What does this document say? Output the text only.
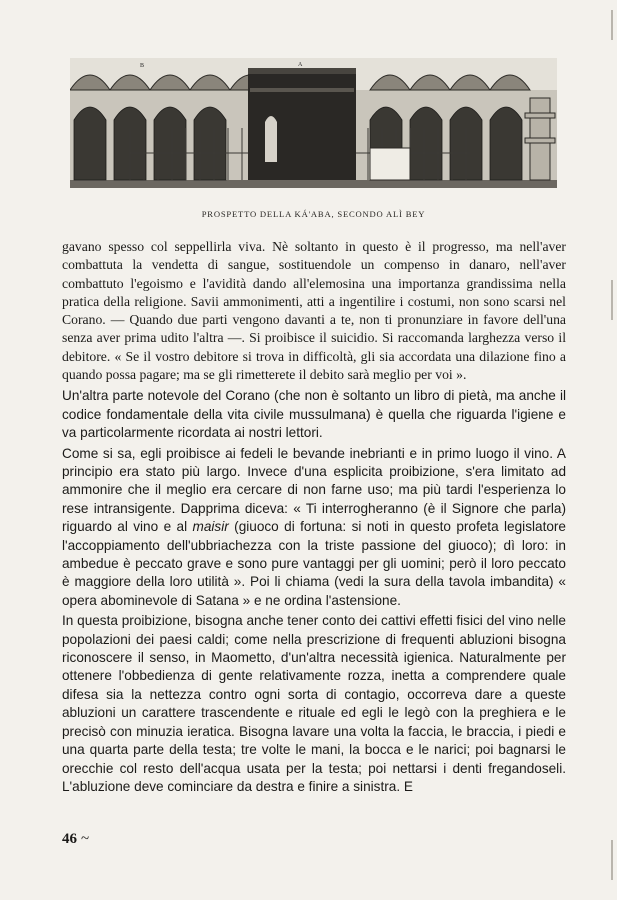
B	A
PROSPETTO DELLA KÁ'ABA, SECONDO ALÌ BEY

gavano spesso col seppellirla viva. Nè soltanto in questo è il progresso, ma nell'aver combattuta la vendetta di sangue, sostituendole un compenso in danaro, nell'aver combattuto l'egoismo e l'avidità dando all'elemosina una importanza grandissima nella pratica della religione. Savii ammonimenti, atti a ingentilire i costumi, non sono scarsi nel Corano. — Quando due parti vengono davanti a te, non ti pronunziare in favore dell'una senza aver prima udito l'altra —. Si proibisce il suicidio. Si raccomanda larghezza verso il debitore. « Se il vostro debitore si trova in difficoltà, gli sia accordata una dilazione fino a quando possa pagare; ma se gli rimetterete il debito sarà meglio per voi ».

Un'altra parte notevole del Corano (che non è soltanto un libro di pietà, ma anche il codice fondamentale della vita civile mussulmana) è quella che riguarda l'igiene e va particolarmente ricordata ai nostri lettori.

Come si sa, egli proibisce ai fedeli le bevande inebrianti e in primo luogo il vino. A principio era stato più largo. Invece d'una esplicita proibizione, s'era limitato ad ammonire che il meglio era cercare di non farne uso; ma più tardi l'esperienza lo rese intransigente. Dapprima diceva: « Ti interrogheranno (è il Signore che parla) riguardo al vino e al maisir (giuoco di fortuna: si noti in questo profeta legislatore l'accoppiamento dell'ubbriachezza con la triste passione del giuoco); dì loro: in ambedue è peccato grave e sono pure vantaggi per gli uomini; però il loro peccato è maggiore della loro utilità ». Poi li chiama (vedi la sura della tavola imbandita) « opera abominevole di Satana » e ne ordina l'astensione.

In questa proibizione, bisogna anche tener conto dei cattivi effetti fisici del vino nelle popolazioni dei paesi caldi; come nella prescrizione di frequenti abluzioni bisogna riconoscere il senso, in Maometto, d'un'altra necessità igienica. Naturalmente per ottenere l'obbedienza di gente relativamente rozza, inetta a comprendere quale difesa sia la nettezza contro ogni sorta di contagio, occorreva dare a queste abluzioni un carattere trascendente e rituale ed egli le legò con la preghiera e le precisò con minuzia ieratica. Bisogna lavare una volta la faccia, le braccia, i piedi e una quarta parte della testa; tre volte le mani, la bocca e le narici; poi bagnarsi le orecchie col resto dell'acqua usata per la testa; poi nettarsi i denti fregandoseli. L'abluzione deve cominciare da destra e finire a sinistra. E

46 ~
